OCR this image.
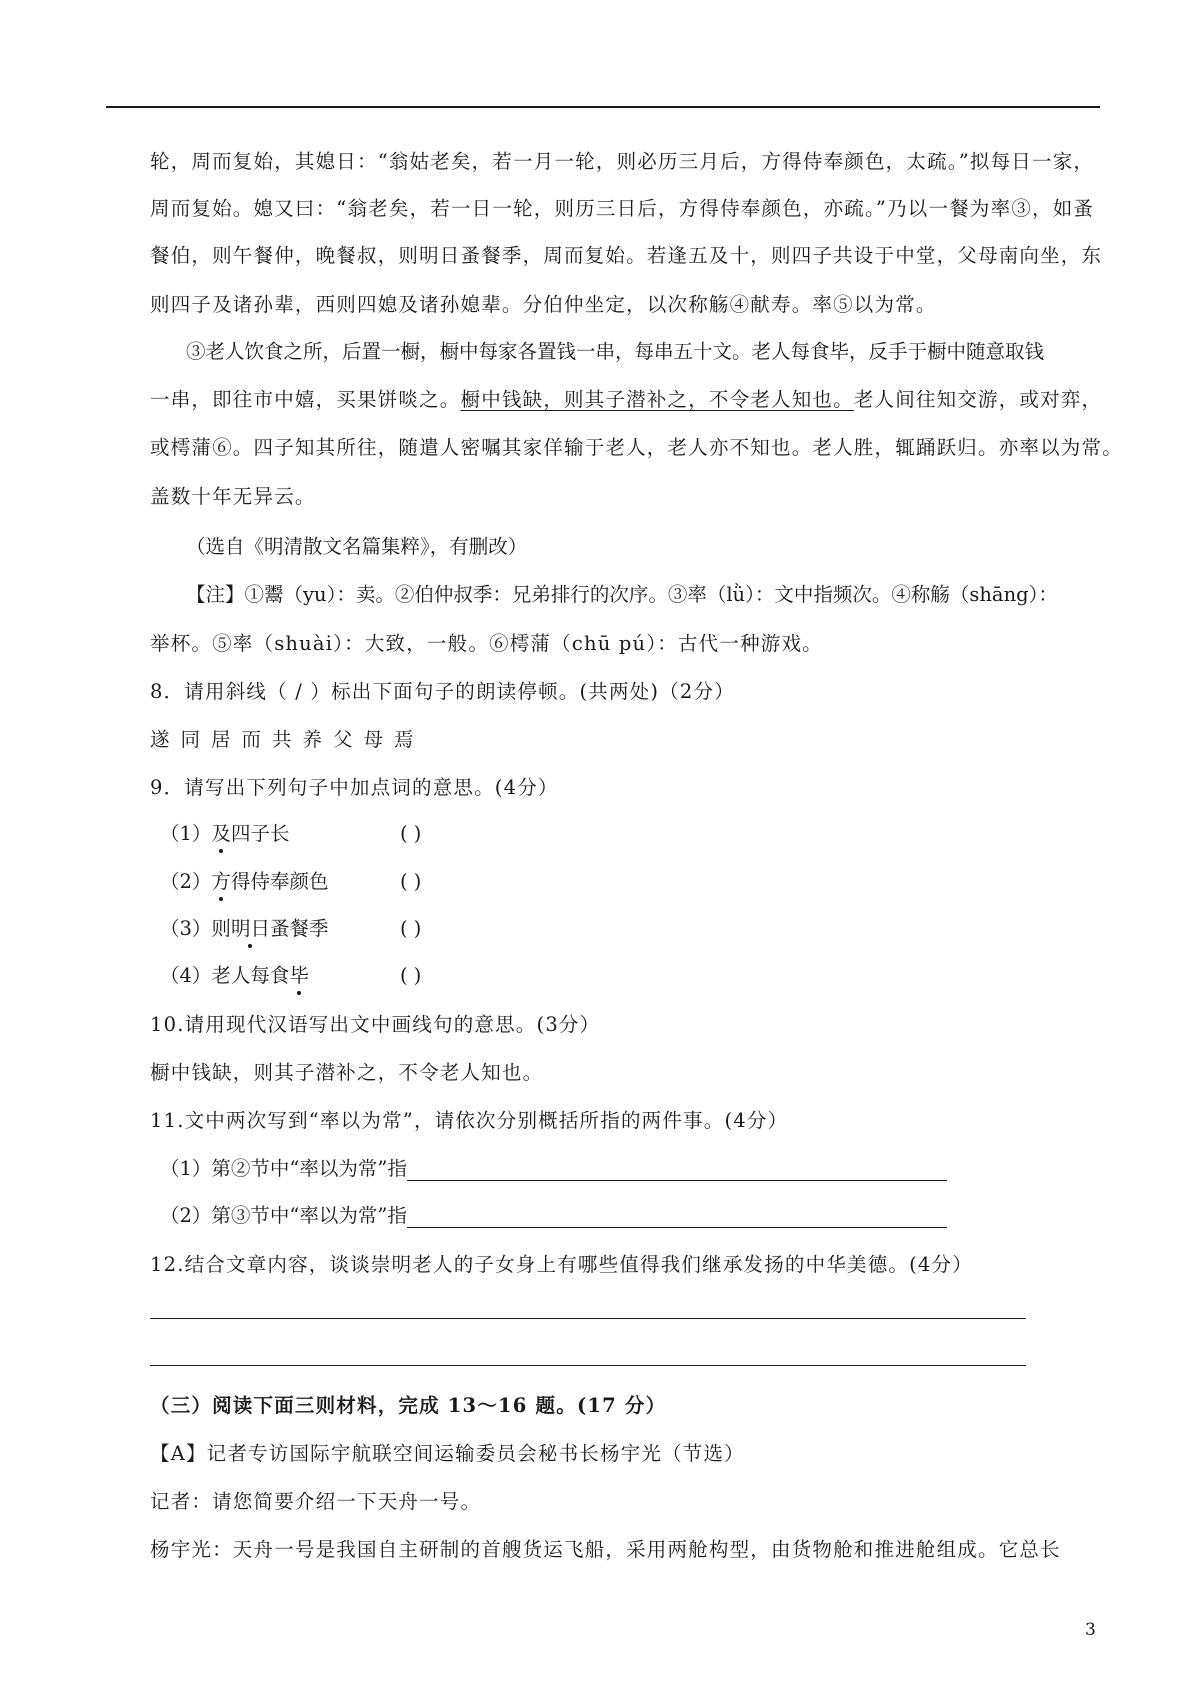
轮，周而复始，其媳日：“翁姑老矣，若一月一轮，则必历三月后，方得侍奉颜色，太疏。”拟每日一家，
周而复始。媳又曰：“翁老矣，若一日一轮，则历三日后，方得侍奉颜色，亦疏。”乃以一餐为率③，如蚤
餐伯，则午餐仲，晚餐叔，则明日蚤餐季，周而复始。若逢五及十，则四子共设于中堂，父母南向坐，东
则四子及诸孙辈，西则四媳及诸孙媳辈。分伯仲坐定，以次称觞④献寿。率⑤以为常。
③老人饮食之所，后置一橱，橱中每家各置钱一串，每串五十文。老人每食毕，反手于橱中随意取钱
一串，即往市中嬉，买果饼啖之。橱中钱缺，则其子潜补之，不令老人知也。老人间往知交游，或对弈，
或樗蒲⑥。四子知其所往，随遣人密嘱其家佯输于老人，老人亦不知也。老人胜，辄踊跃归。亦率以为常。
盖数十年无异云。
（选自《明清散文名篇集粹》，有删改）
【注】①鬻（yu）：卖。②伯仲叔季：兄弟排行的次序。③率（lǜ）：文中指频次。④称觞（shāng）：
举杯。⑤率（shuài）：大致，一般。⑥樗蒲（chū pú）：古代一种游戏。
8．请用斜线（ / ）标出下面句子的朗读停顿。(共两处)（2分）
遂同居而共养父母焉
9．请写出下列句子中加点词的意思。(4分）
（1）及四子长	( )
（2）方得侍奉颜色	( )
（3）则明日蚤餐季	( )
（4）老人每食毕	( )
10.请用现代汉语写出文中画线句的意思。(3分）
橱中钱缺，则其子潜补之，不令老人知也。
11.文中两次写到“率以为常”，请依次分别概括所指的两件事。(4分）
（1）第②节中“率以为常”指
（2）第③节中“率以为常”指
12.结合文章内容，谈谈崇明老人的子女身上有哪些值得我们继承发扬的中华美德。(4分）
（三）阅读下面三则材料，完成 13～16 题。(17 分）
【A】记者专访国际宇航联空间运输委员会秘书长杨宇光（节选）
记者：请您简要介绍一下天舟一号。
杨宇光：天舟一号是我国自主研制的首艘货运飞船，采用两舱构型，由货物舱和推进舱组成。它总长
3
